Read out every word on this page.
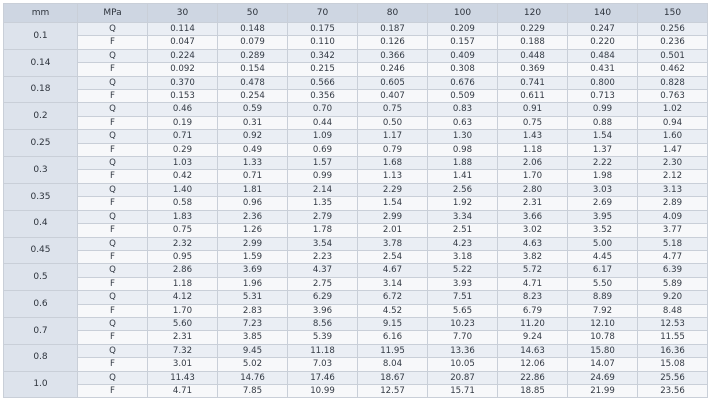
mm	MPa	30	50	70	80	100	120	140	150
0.1	Q	0.114	0.148	0.175	0.187	0.209	0.229	0.247	0.256
	F	0.047	0.079	0.110	0.126	0.157	0.188	0.220	0.236
0.14	Q	0.224	0.289	0.342	0.366	0.409	0.448	0.484	0.501
	F	0.092	0.154	0.215	0.246	0.308	0.369	0.431	0.462
0.18	Q	0.370	0.478	0.566	0.605	0.676	0.741	0.800	0.828
	F	0.153	0.254	0.356	0.407	0.509	0.611	0.713	0.763
0.2	Q	0.46	0.59	0.70	0.75	0.83	0.91	0.99	1.02
	F	0.19	0.31	0.44	0.50	0.63	0.75	0.88	0.94
0.25	Q	0.71	0.92	1.09	1.17	1.30	1.43	1.54	1.60
	F	0.29	0.49	0.69	0.79	0.98	1.18	1.37	1.47
0.3	Q	1.03	1.33	1.57	1.68	1.88	2.06	2.22	2.30
	F	0.42	0.71	0.99	1.13	1.41	1.70	1.98	2.12
0.35	Q	1.40	1.81	2.14	2.29	2.56	2.80	3.03	3.13
	F	0.58	0.96	1.35	1.54	1.92	2.31	2.69	2.89
0.4	Q	1.83	2.36	2.79	2.99	3.34	3.66	3.95	4.09
	F	0.75	1.26	1.78	2.01	2.51	3.02	3.52	3.77
0.45	Q	2.32	2.99	3.54	3.78	4.23	4.63	5.00	5.18
	F	0.95	1.59	2.23	2.54	3.18	3.82	4.45	4.77
0.5	Q	2.86	3.69	4.37	4.67	5.22	5.72	6.17	6.39
	F	1.18	1.96	2.75	3.14	3.93	4.71	5.50	5.89
0.6	Q	4.12	5.31	6.29	6.72	7.51	8.23	8.89	9.20
	F	1.70	2.83	3.96	4.52	5.65	6.79	7.92	8.48
0.7	Q	5.60	7.23	8.56	9.15	10.23	11.20	12.10	12.53
	F	2.31	3.85	5.39	6.16	7.70	9.24	10.78	11.55
0.8	Q	7.32	9.45	11.18	11.95	13.36	14.63	15.80	16.36
	F	3.01	5.02	7.03	8.04	10.05	12.06	14.07	15.08
1.0	Q	11.43	14.76	17.46	18.67	20.87	22.86	24.69	25.56
	F	4.71	7.85	10.99	12.57	15.71	18.85	21.99	23.56
